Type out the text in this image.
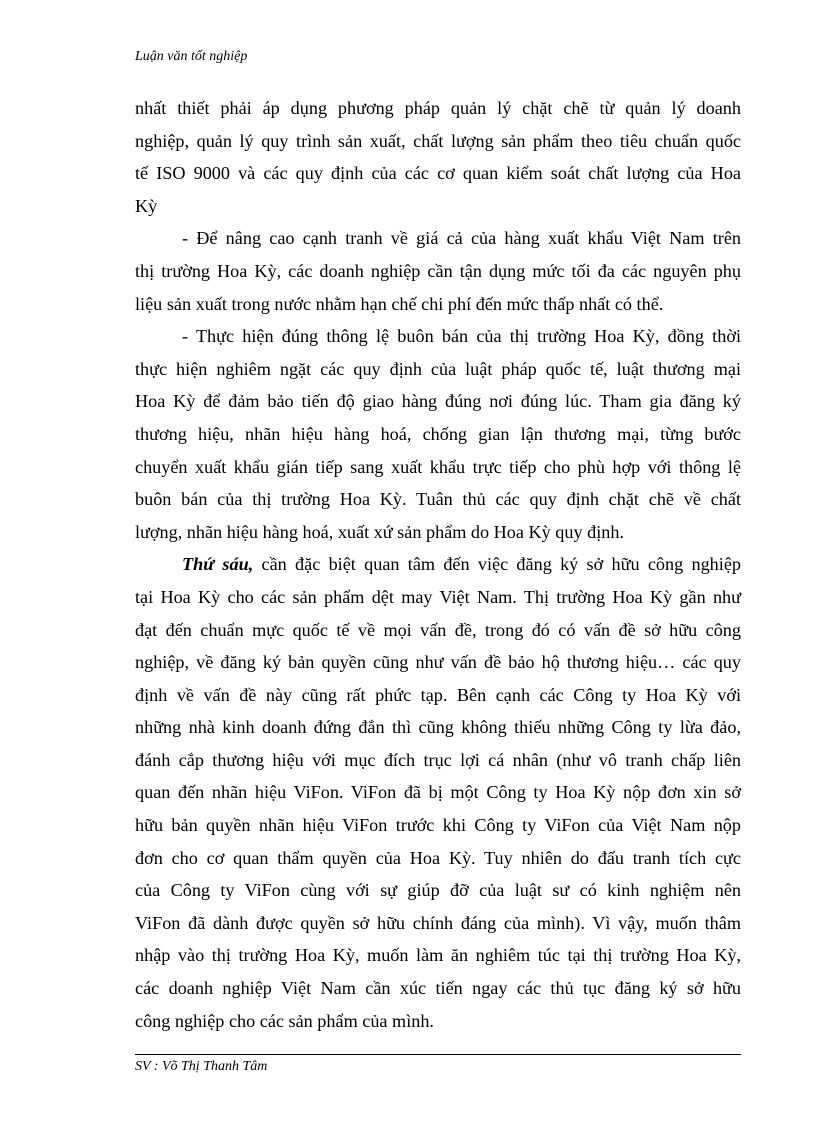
Luận văn tốt nghiệp
nhất thiết phải áp dụng phương pháp quản lý chặt chẽ từ quản lý doanh
nghiệp, quản lý quy trình sản xuất, chất lượng sản phẩm theo tiêu chuẩn quốc
tế ISO 9000 và các quy định của các cơ quan kiểm soát chất lượng của Hoa
Kỳ
- Để nâng cao cạnh tranh về giá cả của hàng xuất khẩu Việt Nam trên
thị trường Hoa Kỳ, các doanh nghiệp cần tận dụng mức tối đa các nguyên phụ
liệu sản xuất trong nước nhằm hạn chế chi phí đến mức thấp nhất có thể.
- Thực hiện đúng thông lệ buôn bán của thị trường Hoa Kỳ, đồng thời
thực hiện nghiêm ngặt các quy định của luật pháp quốc tế, luật thương mại
Hoa Kỳ để đảm bảo tiến độ giao hàng đúng nơi đúng lúc. Tham gia đăng ký
thương hiệu, nhãn hiệu hàng hoá, chống gian lận thương mại, từng bước
chuyển xuất khẩu gián tiếp sang xuất khẩu trực tiếp cho phù hợp với thông lệ
buôn bán của thị trường Hoa Kỳ. Tuân thủ các quy định chặt chẽ về chất
lượng, nhãn hiệu hàng hoá, xuất xứ sản phẩm do Hoa Kỳ quy định.
Thứ sáu, cần đặc biệt quan tâm đến việc đăng ký sở hữu công nghiệp
tại Hoa Kỳ cho các sản phẩm dệt may Việt Nam. Thị trường Hoa Kỳ gần như
đạt đến chuẩn mực quốc tế về mọi vấn đề, trong đó có vấn đề sở hữu công
nghiệp, về đăng ký bản quyền cũng như vấn đề bảo hộ thương hiệu… các quy
định về vấn đề này cũng rất phức tạp. Bên cạnh các Công ty Hoa Kỳ với
những nhà kinh doanh đứng đắn thì cũng không thiếu những Công ty lừa đảo,
đánh cắp thương hiệu với mục đích trục lợi cá nhân (như vô tranh chấp liên
quan đến nhãn hiệu ViFon. ViFon đã bị một Công ty Hoa Kỳ nộp đơn xin sở
hữu bản quyền nhãn hiệu ViFon trước khi Công ty ViFon của Việt Nam nộp
đơn cho cơ quan thẩm quyền của Hoa Kỳ. Tuy nhiên do đấu tranh tích cực
của Công ty ViFon cùng với sự giúp đỡ của luật sư có kinh nghiệm nên
ViFon đã dành được quyền sở hữu chính đáng của mình). Vì vậy, muốn thâm
nhập vào thị trường Hoa Kỳ, muốn làm ăn nghiêm túc tại thị trường Hoa Kỳ,
các doanh nghiệp Việt Nam cần xúc tiến ngay các thủ tục đăng ký sở hữu
công nghiệp cho các sản phẩm của mình.
SV : Võ Thị Thanh Tâm
